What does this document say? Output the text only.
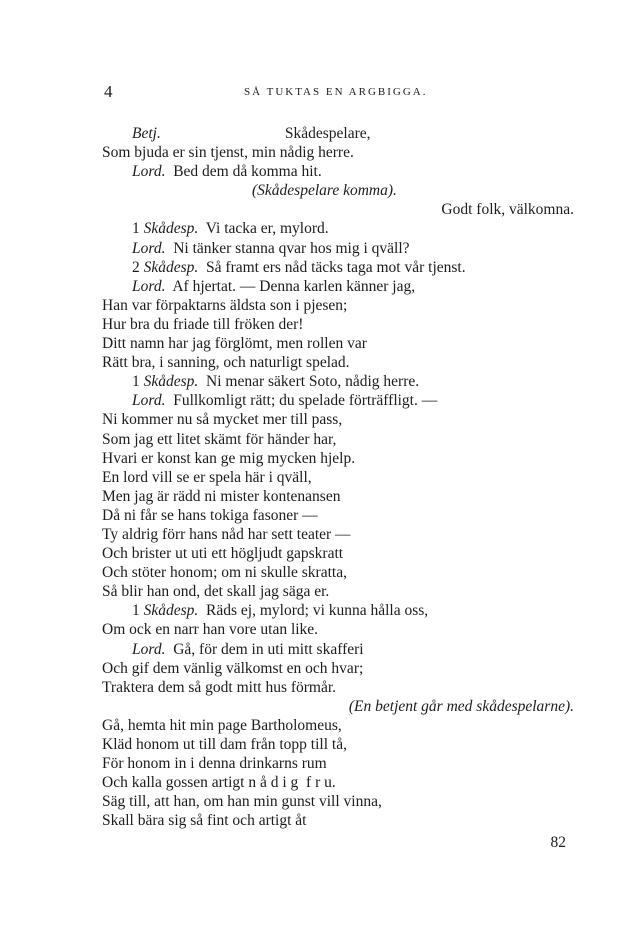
4	SÅ TUKTAS EN ARGBIGGA.
Betj.                                Skådespelare,
Som bjuda er sin tjenst, min nådig herre.
Lord.  Bed dem då komma hit.
(Skådespelare komma).
Godt folk, välkomna.
1 Skådesp.  Vi tacka er, mylord.
Lord.  Ni tänker stanna qvar hos mig i qväll?
2 Skådesp.  Så framt ers nåd täcks taga mot vår tjenst.
Lord.  Af hjertat. — Denna karlen känner jag,
Han var förpaktarns äldsta son i pjesen;
Hur bra du friade till fröken der!
Ditt namn har jag förglömt, men rollen var
Rätt bra, i sanning, och naturligt spelad.
1 Skådesp.  Ni menar säkert Soto, nådig herre.
Lord.  Fullkomligt rätt; du spelade förträffligt. —
Ni kommer nu så mycket mer till pass,
Som jag ett litet skämt för händer har,
Hvari er konst kan ge mig mycken hjelp.
En lord vill se er spela här i qväll,
Men jag är rädd ni mister kontenansen
Då ni får se hans tokiga fasoner —
Ty aldrig förr hans nåd har sett teater —
Och brister ut uti ett högljudt gapskratt
Och stöter honom; om ni skulle skratta,
Så blir han ond, det skall jag säga er.
1 Skådesp.  Räds ej, mylord; vi kunna hålla oss,
Om ock en narr han vore utan like.
Lord.  Gå, för dem in uti mitt skafferi
Och gif dem vänlig välkomst en och hvar;
Traktera dem så godt mitt hus förmår.
(En betjent går med skådespelarne).
Gå, hemta hit min page Bartholomeus,
Kläd honom ut till dam från topp till tå,
För honom in i denna drinkarns rum
Och kalla gossen artigt n å d i g  f r u.
Säg till, att han, om han min gunst vill vinna,
Skall bära sig så fint och artigt åt
82
